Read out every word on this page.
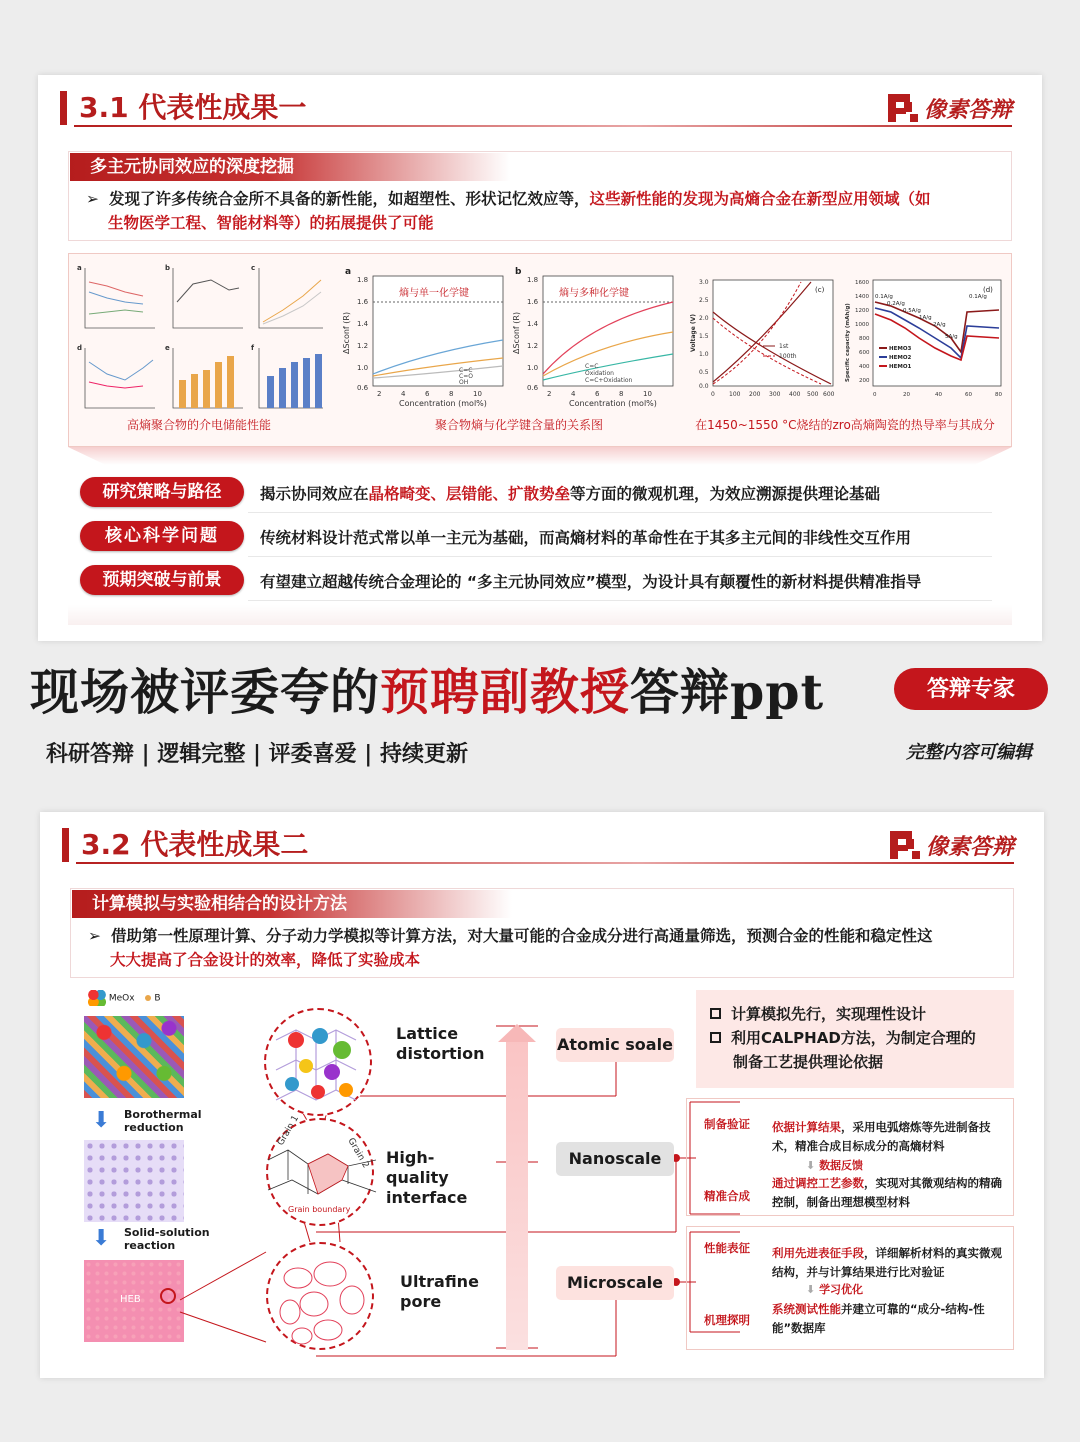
3.1 代表性成果一	像素答辩
多主元协同效应的深度挖掘
➢ 发现了许多传统合金所不具备的新性能，如超塑性、形状记忆效应等，这些新性能的发现为高熵合金在新型应用领域（如
生物医学工程、智能材料等）的拓展提供了可能
a	b	c
d	e	f
高熵聚合物的介电储能性能
a
熵与单一化学键
C=C
C=O
OH
1.8
1.6
1.4
1.2
1.0
0.6
2	4	6	8	10
Concentration (mol%)
ΔSconf (R)
b
熵与多种化学键
C=C
Oxidation
C=C+Oxidation
1.8
1.6
1.4
1.2
1.0
0.6
2	4	6	8	10
Concentration (mol%)
ΔSconf (R)
(c)
1st
100th
3.0
2.5
2.0
1.5
1.0
0.5
0.0
0 100 200 300 400 500 600
Voltage (V)
(d)
0.1A/g
0.2A/g
0.5A/g
1A/g
2A/g
5A/g
0.1A/g
HEMO3
HEMO2
HEMO1
1600
1400
1200
1000
800
600
400
200
0	20	40	60	80
Specific capacity (mAh/g)
聚合物熵与化学键含量的关系图	在1450~1550 °C烧结的zro高熵陶瓷的热导率与其成分
研究策略与路径	揭示协同效应在晶格畸变、层错能、扩散势垒等方面的微观机理，为效应溯源提供理论基础
核心科学问题	传统材料设计范式常以单一主元为基础，而高熵材料的革命性在于其多主元间的非线性交互作用
预期突破与前景	有望建立超越传统合金理论的 “多主元协同效应”模型，为设计具有颠覆性的新材料提供精准指导
现场被评委夸的预聘副教授答辩ppt	答辩专家
科研答辩 | 逻辑完整 | 评委喜爱 | 持续更新	完整内容可编辑
3.2 代表性成果二	像素答辩
计算模拟与实验相结合的设计方法
➢ 借助第一性原理计算、分子动力学模拟等计算方法，对大量可能的合金成分进行高通量筛选，预测合金的性能和稳定性这
大大提高了合金设计的效率，降低了实验成本
MeOx B
⬇ Borothermal reduction
⬇ Solid-solution reaction
HEB
Grain 1
Grain 2
Grain boundary
Lattice distortion
High-quality interface
Ultrafine pore
Atomic soale
Nanoscale
Microscale
计算模拟先行，实现理性设计
利用CALPHAD方法，为制定合理的
制备工艺提供理论依据
制备验证
精准合成
依据计算结果，采用电弧熔炼等先进制备技术，精准合成目标成分的高熵材料
⬇ 数据反馈
通过调控工艺参数，实现对其微观结构的精确控制，制备出理想模型材料
性能表征
机理探明
利用先进表征手段，详细解析材料的真实微观结构，并与计算结果进行比对验证
⬇ 学习优化
系统测试性能并建立可靠的“成分-结构-性能”数据库
